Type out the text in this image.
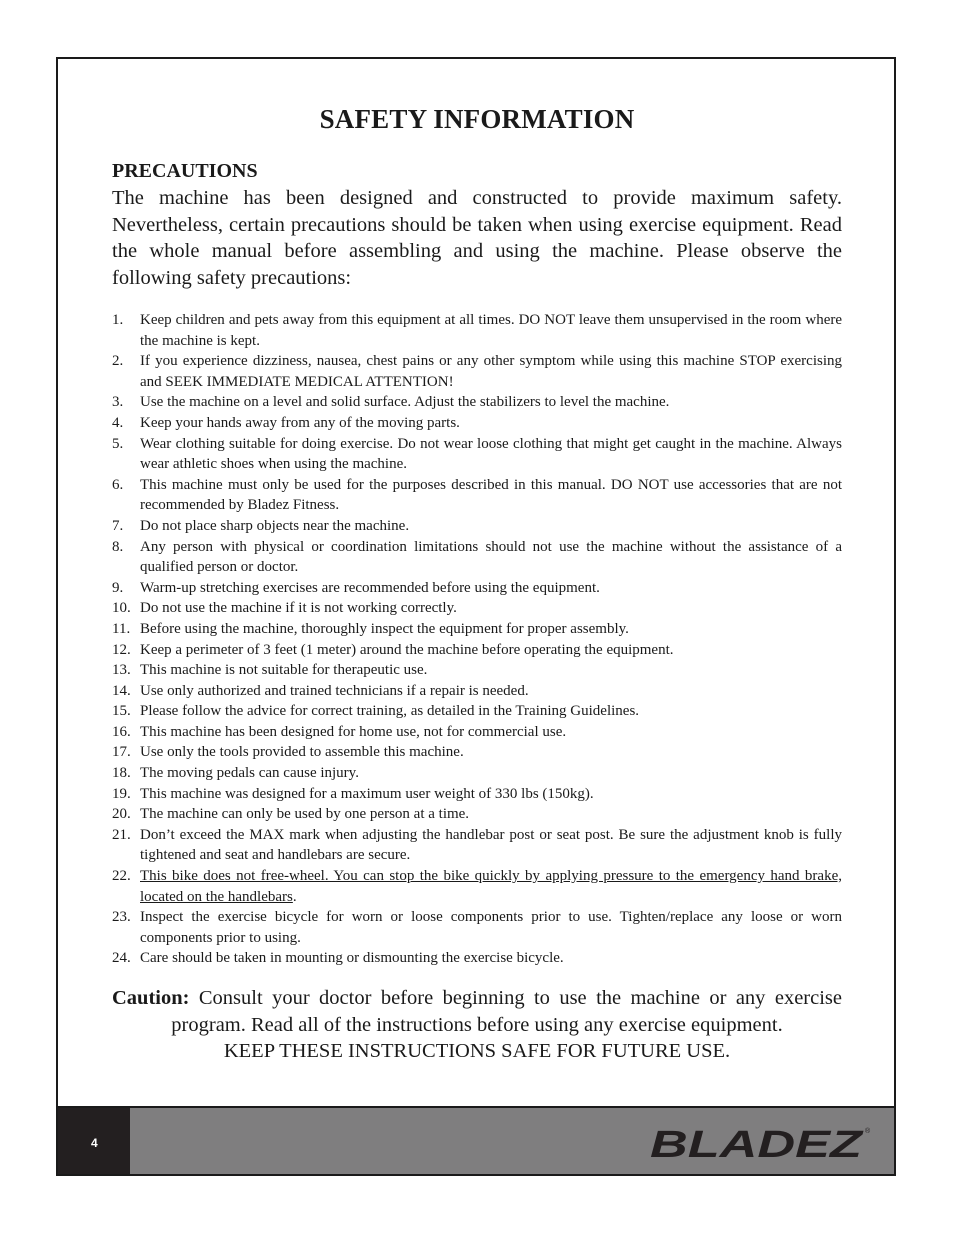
SAFETY INFORMATION
PRECAUTIONS

The machine has been designed and constructed to provide maximum safety. Nevertheless, certain precautions should be taken when using exercise equipment. Read the whole manual before assembling and using the machine. Please observe the following safety precautions:

1. Keep children and pets away from this equipment at all times. DO NOT leave them unsupervised in the room where the machine is kept.
2. If you experience dizziness, nausea, chest pains or any other symptom while using this machine STOP exercising and SEEK IMMEDIATE MEDICAL ATTENTION!
3. Use the machine on a level and solid surface. Adjust the stabilizers to level the machine.
4. Keep your hands away from any of the moving parts.
5. Wear clothing suitable for doing exercise. Do not wear loose clothing that might get caught in the machine. Always wear athletic shoes when using the machine.
6. This machine must only be used for the purposes described in this manual. DO NOT use accessories that are not recommended by Bladez Fitness.
7. Do not place sharp objects near the machine.
8. Any person with physical or coordination limitations should not use the machine without the assistance of a qualified person or doctor.
9. Warm-up stretching exercises are recommended before using the equipment.
10. Do not use the machine if it is not working correctly.
11. Before using the machine, thoroughly inspect the equipment for proper assembly.
12. Keep a perimeter of 3 feet (1 meter) around the machine before operating the equipment.
13. This machine is not suitable for therapeutic use.
14. Use only authorized and trained technicians if a repair is needed.
15. Please follow the advice for correct training, as detailed in the Training Guidelines.
16. This machine has been designed for home use, not for commercial use.
17. Use only the tools provided to assemble this machine.
18. The moving pedals can cause injury.
19. This machine was designed for a maximum user weight of 330 lbs (150kg).
20. The machine can only be used by one person at a time.
21. Don’t exceed the MAX mark when adjusting the handlebar post or seat post. Be sure the adjustment knob is fully tightened and seat and handlebars are secure.
22. This bike does not free-wheel. You can stop the bike quickly by applying pressure to the emergency hand brake, located on the handlebars.
23. Inspect the exercise bicycle for worn or loose components prior to use. Tighten/replace any loose or worn components prior to using.
24. Care should be taken in mounting or dismounting the exercise bicycle.
Caution: Consult your doctor before beginning to use the machine or any exercise
program. Read all of the instructions before using any exercise equipment.
KEEP THESE INSTRUCTIONS SAFE FOR FUTURE USE.
4	BLADEZ ®
